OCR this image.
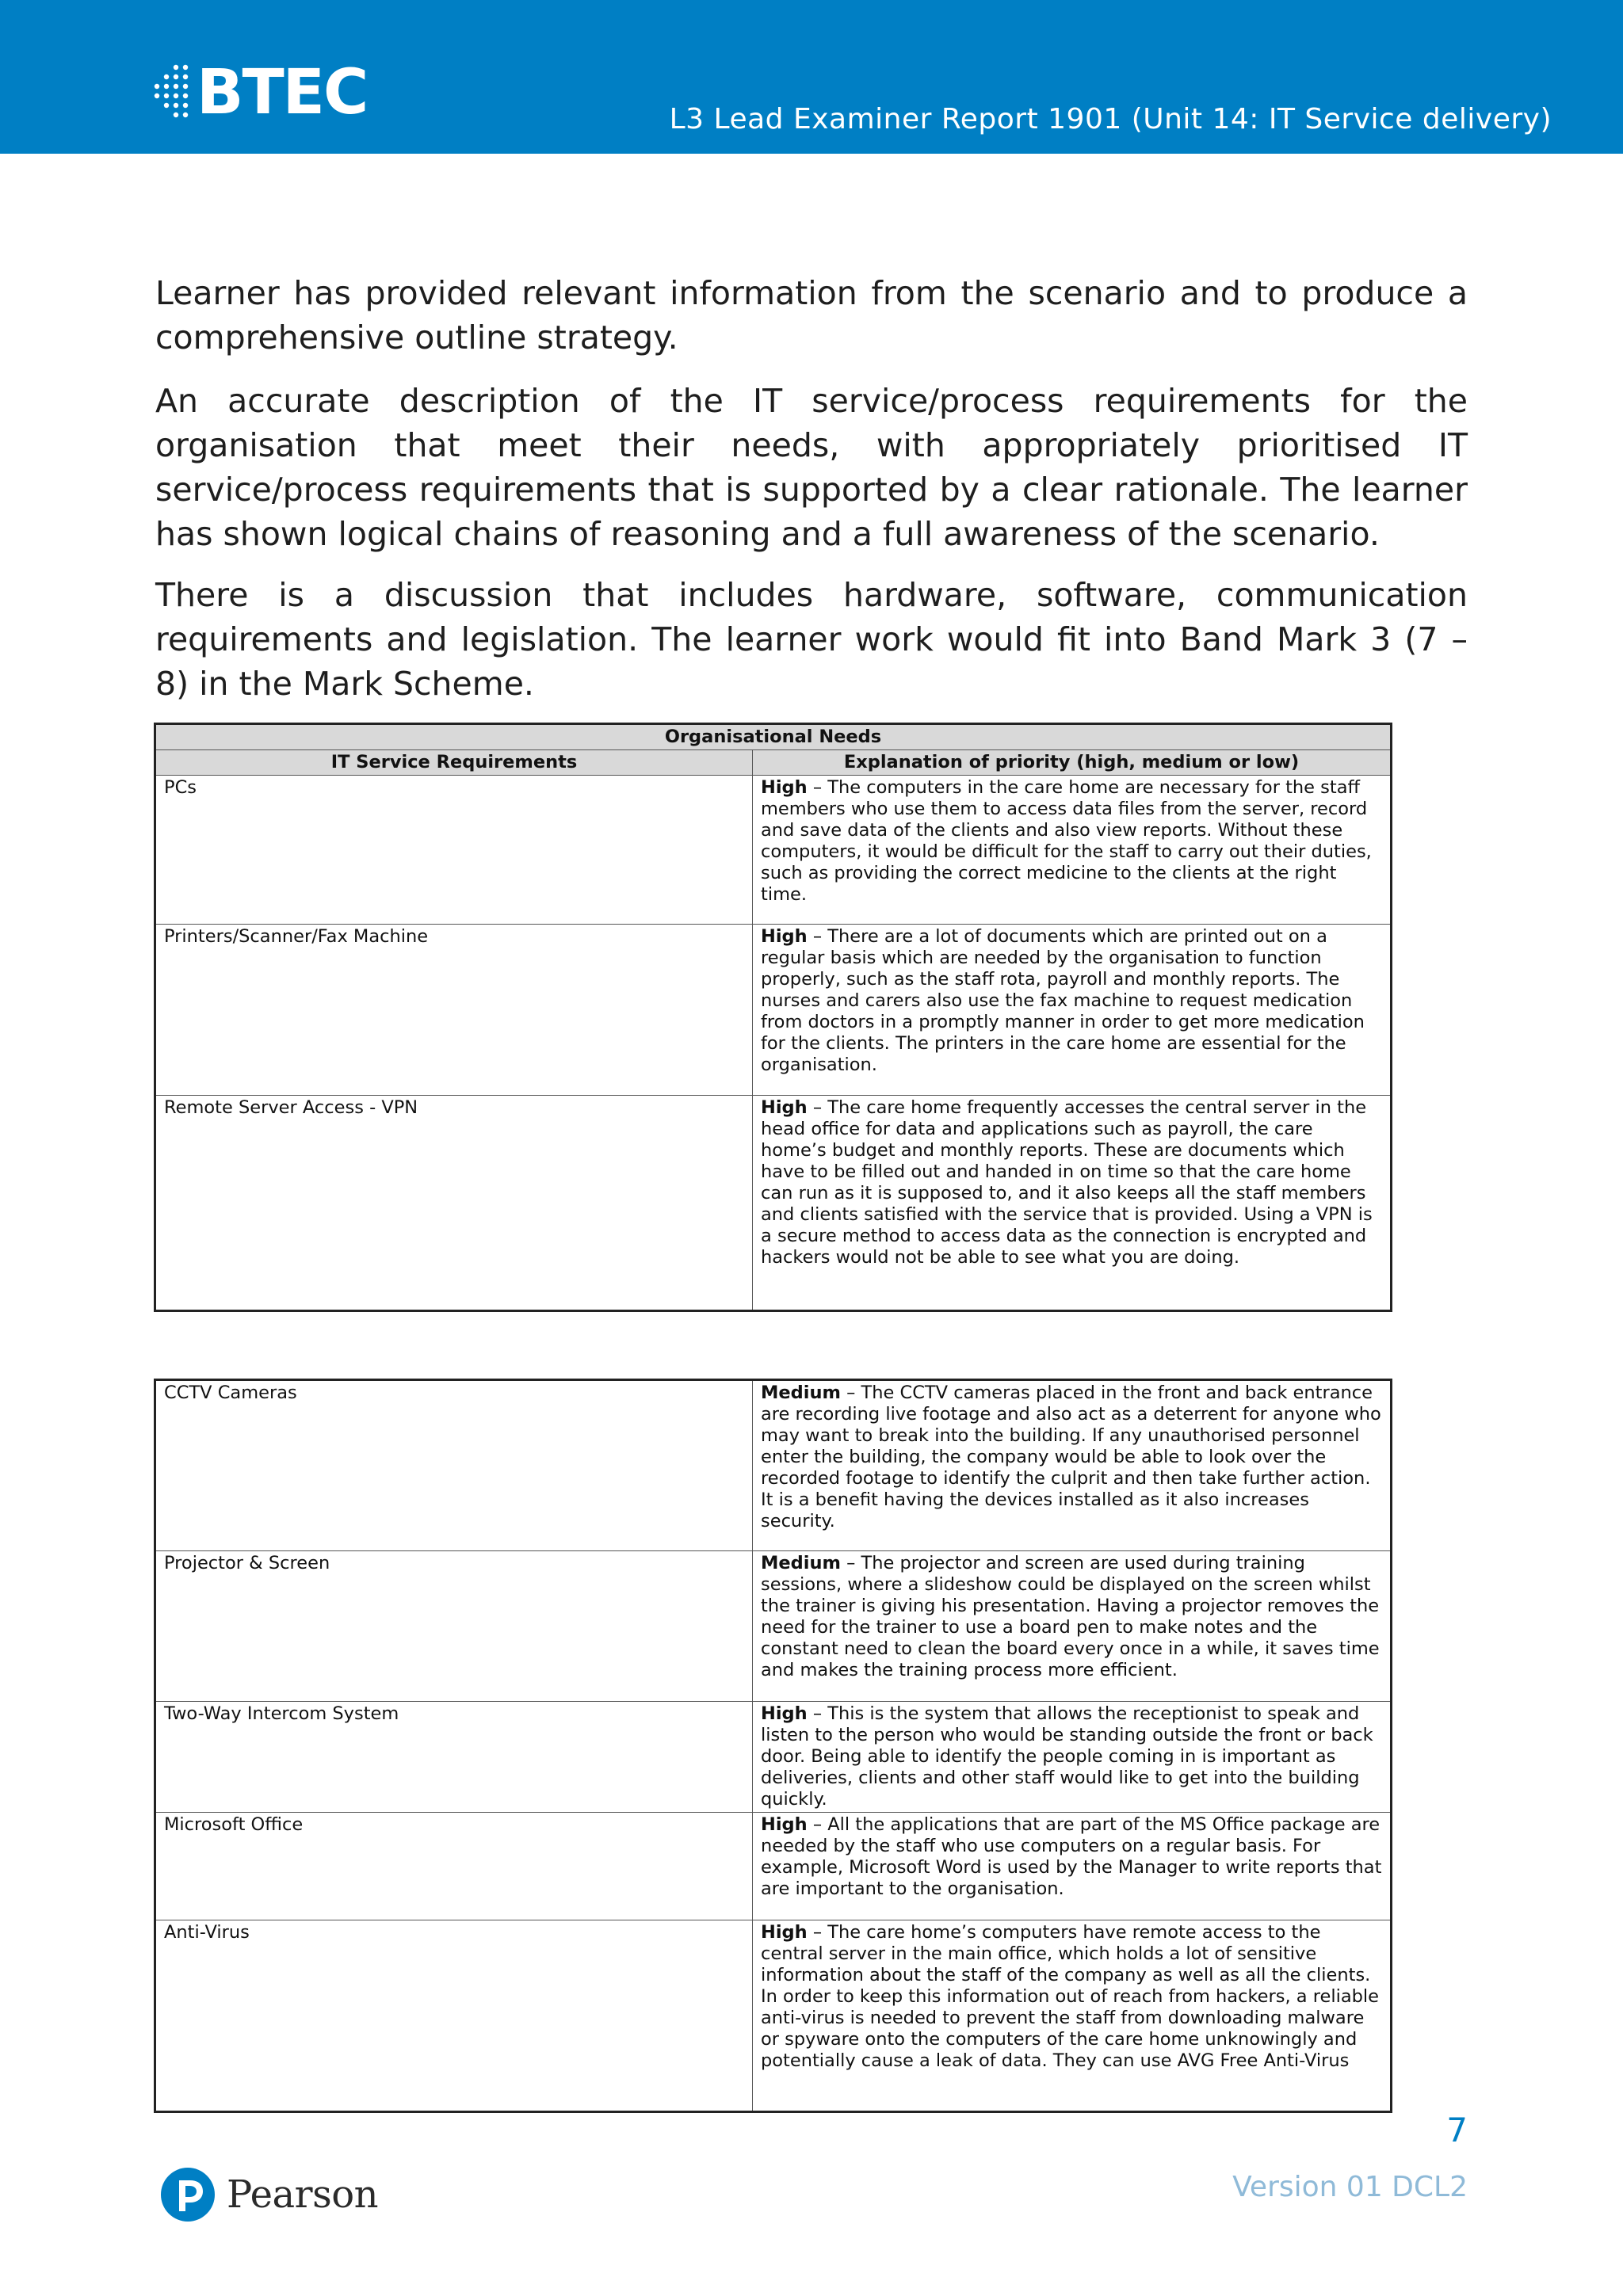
BTEC	L3 Lead Examiner Report 1901 (Unit 14: IT Service delivery)

Learner has provided relevant information from the scenario and to produce a comprehensive outline strategy.

An accurate description of the IT service/process requirements for the organisation that meet their needs, with appropriately prioritised IT service/process requirements that is supported by a clear rationale. The learner has shown logical chains of reasoning and a full awareness of the scenario.

There is a discussion that includes hardware, software, communication requirements and legislation. The learner work would fit into Band Mark 3 (7 – 8) in the Mark Scheme.

Organisational Needs	
IT Service Requirements	Explanation of priority (high, medium or low)
PCs	High – The computers in the care home are necessary for the staff members who use them to access data files from the server, record and save data of the clients and also view reports. Without these computers, it would be difficult for the staff to carry out their duties, such as providing the correct medicine to the clients at the right time.
Printers/Scanner/Fax Machine	High – There are a lot of documents which are printed out on a regular basis which are needed by the organisation to function properly, such as the staff rota, payroll and monthly reports. The nurses and carers also use the fax machine to request medication from doctors in a promptly manner in order to get more medication for the clients. The printers in the care home are essential for the organisation.
Remote Server Access - VPN	High – The care home frequently accesses the central server in the head office for data and applications such as payroll, the care home’s budget and monthly reports. These are documents which have to be filled out and handed in on time so that the care home can run as it is supposed to, and it also keeps all the staff members and clients satisfied with the service that is provided. Using a VPN is a secure method to access data as the connection is encrypted and hackers would not be able to see what you are doing.
CCTV Cameras	Medium – The CCTV cameras placed in the front and back entrance are recording live footage and also act as a deterrent for anyone who may want to break into the building. If any unauthorised personnel enter the building, the company would be able to look over the recorded footage to identify the culprit and then take further action. It is a benefit having the devices installed as it also increases security.
Projector & Screen	Medium – The projector and screen are used during training sessions, where a slideshow could be displayed on the screen whilst the trainer is giving his presentation. Having a projector removes the need for the trainer to use a board pen to make notes and the constant need to clean the board every once in a while, it saves time and makes the training process more efficient.
Two-Way Intercom System	High – This is the system that allows the receptionist to speak and listen to the person who would be standing outside the front or back door. Being able to identify the people coming in is important as deliveries, clients and other staff would like to get into the building quickly.
Microsoft Office	High – All the applications that are part of the MS Office package are needed by the staff who use computers on a regular basis. For example, Microsoft Word is used by the Manager to write reports that are important to the organisation.
Anti-Virus	High – The care home’s computers have remote access to the central server in the main office, which holds a lot of sensitive information about the staff of the company as well as all the clients. In order to keep this information out of reach from hackers, a reliable anti-virus is needed to prevent the staff from downloading malware or spyware onto the computers of the care home unknowingly and potentially cause a leak of data. They can use AVG Free Anti-Virus
7
Version 01 DCL2
Pearson
